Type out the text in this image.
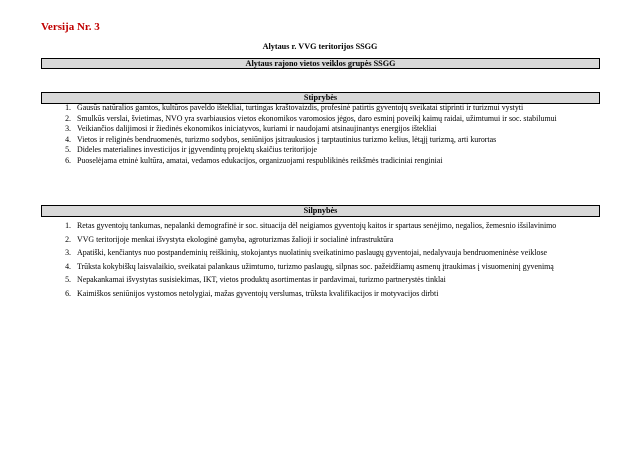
Versija Nr. 3
Alytaus r. VVG teritorijos SSGG
Alytaus rajono vietos veiklos grupės SSGG
Stiprybės
1. Gausūs natūralios gamtos, kultūros paveldo ištekliai, turtingas kraštovaizdis, profesinė patirtis gyventojų sveikatai stiprinti ir turizmui vystyti
2. Smulkūs verslai, švietimas, NVO yra svarbiausios vietos ekonomikos varomosios jėgos, daro esminį poveikį kaimų raidai, užimtumui ir soc. stabilumui
3. Veikiančios dalijimosi ir žiedinės ekonomikos iniciatyvos, kuriami ir naudojami atsinaujinantys energijos ištekliai
4. Vietos ir religinės bendruomenės, turizmo sodybos, seniūnijos įsitraukusios į tarptautinius turizmo kelius, lėtąjį turizmą, arti kurortas
5. Dideles materialines investicijos ir įgyvendintų projektų skaičius teritorijoje
6. Puoselėjama etninė kultūra, amatai, vedamos edukacijos, organizuojami respublikinės reikšmės tradiciniai renginiai
Silpnybės
1. Retas gyventojų tankumas, nepalanki demografinė ir soc. situacija dėl neigiamos gyventojų kaitos ir spartaus senėjimo, negalios, žemesnio išsilavinimo
2. VVG teritorijoje menkai išvystyta ekologinė gamyba, agroturizmas žalioji ir socialinė infrastruktūra
3. Apatiški, kenčiantys nuo postpandeminių reiškinių, stokojantys nuolatinių sveikatinimo paslaugų gyventojai, nedalyvauja bendruomeninėse veiklose
4. Trūksta kokybiškų laisvalaikio, sveikatai palankaus užimtumo, turizmo paslaugų, silpnas soc. pažeidžiamų asmenų įtraukimas į visuomeninį gyvenimą
5. Nepakankamai išvystytas susisiekimas, IKT, vietos produktų asortimentas ir pardavimai, turizmo partnerystės tinklai
6. Kaimiškos seniūnijos vystomos netolygiai, mažas gyventojų verslumas, trūksta kvalifikacijos ir motyvacijos dirbti
